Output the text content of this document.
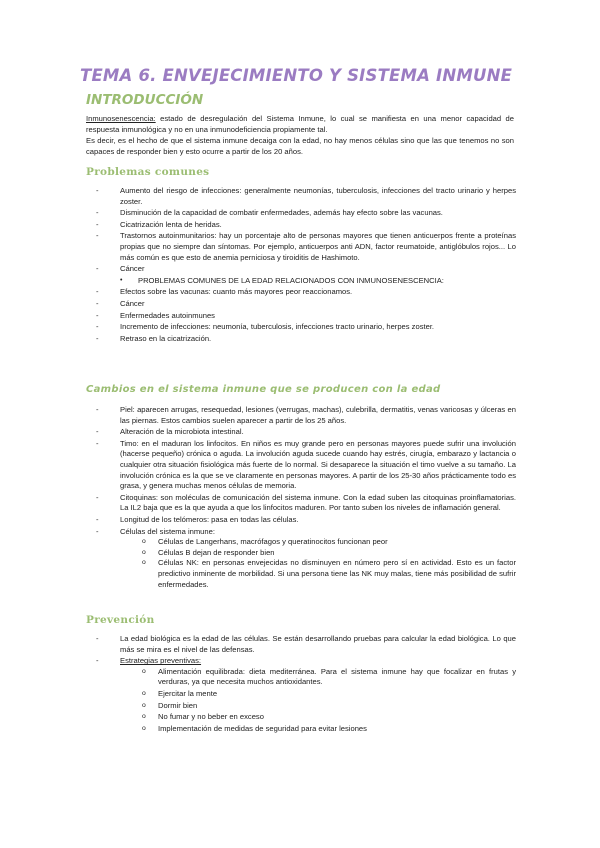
TEMA 6. ENVEJECIMIENTO Y SISTEMA INMUNE
INTRODUCCIÓN
Inmunosenescencia: estado de desregulación del Sistema Inmune, lo cual se manifiesta en una menor capacidad de respuesta inmunológica y no en una inmunodeficiencia propiamente tal.
Es decir, es el hecho de que el sistema inmune decaiga con la edad, no hay menos células sino que las que tenemos no son capaces de responder bien y esto ocurre a partir de los 20 años.
Problemas comunes
- Aumento del riesgo de infecciones: generalmente neumonías, tuberculosis, infecciones del tracto urinario y herpes zoster.
- Disminución de la capacidad de combatir enfermedades, además hay efecto sobre las vacunas.
- Cicatrización lenta de heridas.
- Trastornos autoinmunitarios: hay un porcentaje alto de personas mayores que tienen anticuerpos frente a proteínas propias que no siempre dan síntomas. Por ejemplo, anticuerpos anti ADN, factor reumatoide, antiglóbulos rojos... Lo más común es que esto de anemia perniciosa y tiroiditis de Hashimoto.
- Cáncer
• PROBLEMAS COMUNES DE LA EDAD RELACIONADOS CON INMUNOSENESCENCIA:
- Efectos sobre las vacunas: cuanto más mayores peor reaccionamos.
- Cáncer
- Enfermedades autoinmunes
- Incremento de infecciones: neumonía, tuberculosis, infecciones tracto urinario, herpes zoster.
- Retraso en la cicatrización.
Cambios en el sistema inmune que se producen con la edad
- Piel: aparecen arrugas, resequedad, lesiones (verrugas, machas), culebrilla, dermatitis, venas varicosas y úlceras en las piernas. Estos cambios suelen aparecer a partir de los 25 años.
- Alteración de la microbiota intestinal.
- Timo: en el maduran los linfocitos. En niños es muy grande pero en personas mayores puede sufrir una involución (hacerse pequeño) crónica o aguda. La involución aguda sucede cuando hay estrés, cirugía, embarazo y lactancia o cualquier otra situación fisiológica más fuerte de lo normal. Si desaparece la situación el timo vuelve a su tamaño. La involución crónica es la que se ve claramente en personas mayores. A partir de los 25-30 años prácticamente todo es grasa, y genera muchas menos células de memoria.
- Citoquinas: son moléculas de comunicación del sistema inmune. Con la edad suben las citoquinas proinflamatorias. La IL2 baja que es la que ayuda a que los linfocitos maduren. Por tanto suben los niveles de inflamación general.
- Longitud de los telómeros: pasa en todas las células.
- Células del sistema inmune:
o Células de Langerhans, macrófagos y queratinocitos funcionan peor
o Células B dejan de responder bien
o Células NK: en personas envejecidas no disminuyen en número pero sí en actividad. Esto es un factor predictivo inminente de morbilidad. Si una persona tiene las NK muy malas, tiene más posibilidad de sufrir enfermedades.
Prevención
- La edad biológica es la edad de las células. Se están desarrollando pruebas para calcular la edad biológica. Lo que más se mira es el nivel de las defensas.
- Estrategias preventivas:
o Alimentación equilibrada: dieta mediterránea. Para el sistema inmune hay que focalizar en frutas y verduras, ya que necesita muchos antioxidantes.
o Ejercitar la mente
o Dormir bien
o No fumar y no beber en exceso
o Implementación de medidas de seguridad para evitar lesiones
